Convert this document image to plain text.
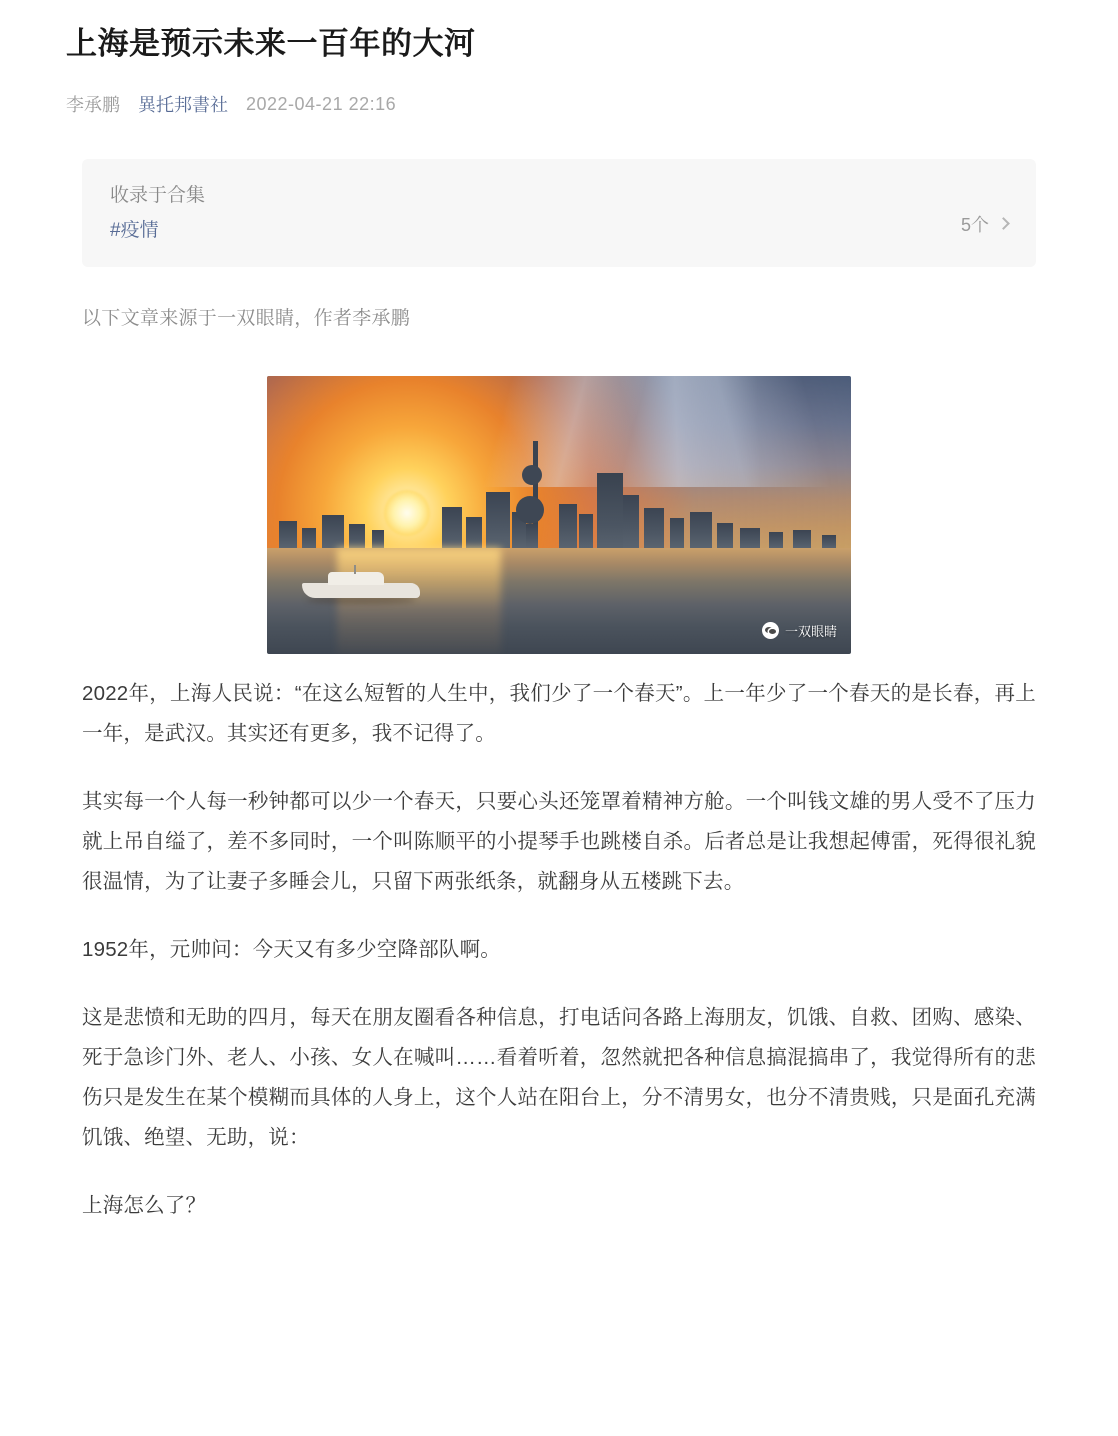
上海是预示未来一百年的大河
李承鹏 異托邦書社 2022-04-21 22:16
收录于合集
#疫情	5个
以下文章来源于一双眼睛，作者李承鹏
一双眼睛

2022年，上海人民说：“在这么短暂的人生中，我们少了一个春天”。上一年少了一个春天的是长春，再上一年，是武汉。其实还有更多，我不记得了。

其实每一个人每一秒钟都可以少一个春天，只要心头还笼罩着精神方舱。一个叫钱文雄的男人受不了压力就上吊自缢了，差不多同时，一个叫陈顺平的小提琴手也跳楼自杀。后者总是让我想起傅雷，死得很礼貌很温情，为了让妻子多睡会儿，只留下两张纸条，就翻身从五楼跳下去。

1952年，元帅问：今天又有多少空降部队啊。

这是悲愤和无助的四月，每天在朋友圈看各种信息，打电话问各路上海朋友，饥饿、自救、团购、感染、死于急诊门外、老人、小孩、女人在喊叫……看着听着，忽然就把各种信息搞混搞串了，我觉得所有的悲伤只是发生在某个模糊而具体的人身上，这个人站在阳台上，分不清男女，也分不清贵贱，只是面孔充满饥饿、绝望、无助，说：

上海怎么了？
